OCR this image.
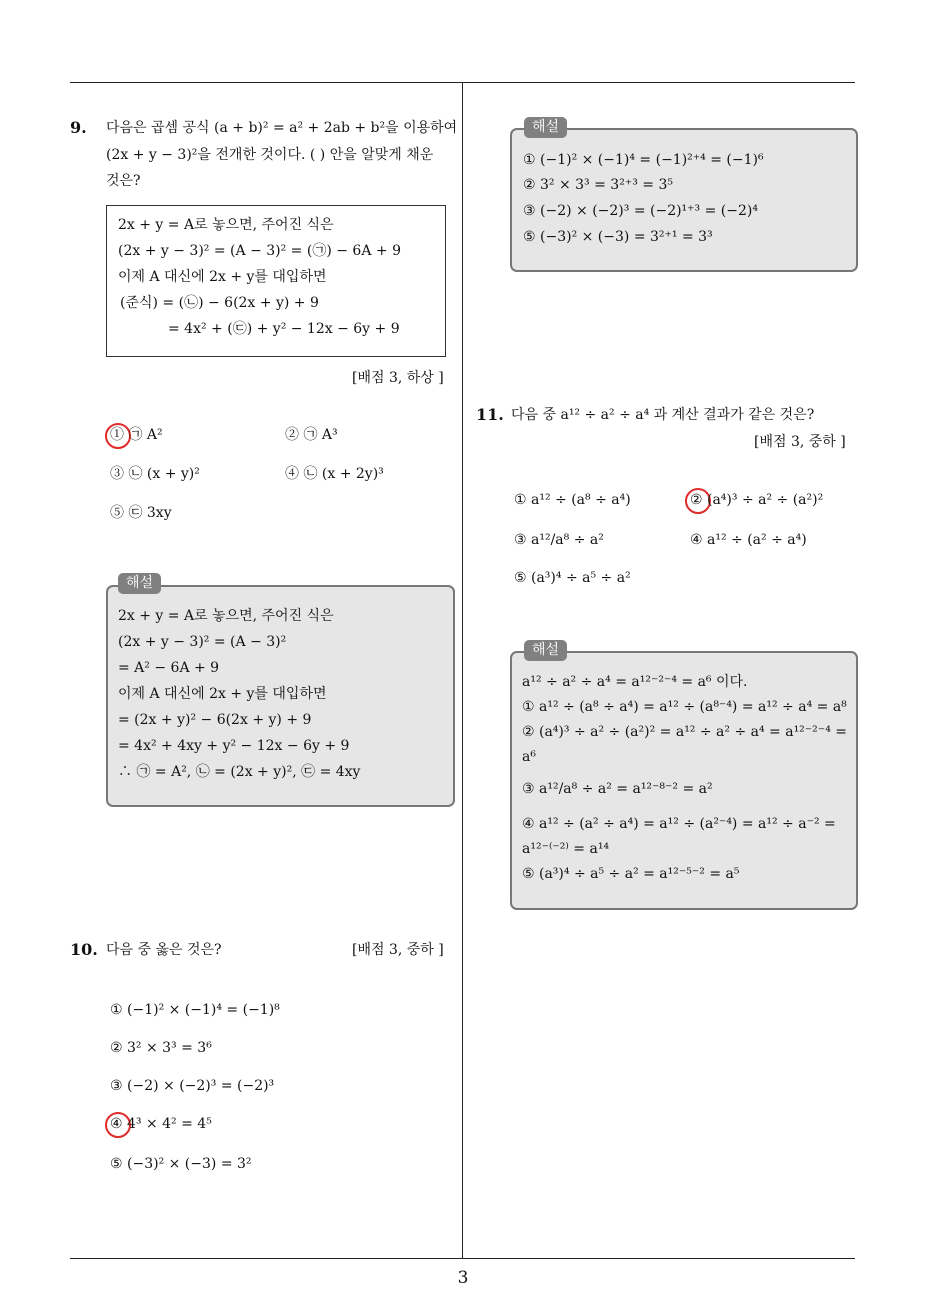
3
9. 다음은 곱셈 공식 (a + b)² = a² + 2ab + b²을 이용하여
(2x + y − 3)²을 전개한 것이다. ( ) 안을 알맞게 채운
것은?
2x + y = A로 놓으면, 주어진 식은
(2x + y − 3)² = (A − 3)² = (㉠) − 6A + 9
이제 A 대신에 2x + y를 대입하면
(준식) = (㉡) − 6(2x + y) + 9
= 4x² + (㉢) + y² − 12x − 6y + 9
[배점 3, 하상 ]
① ㉠ A²	② ㉠ A³
③ ㉡ (x + y)²	④ ㉡ (x + 2y)³
⑤ ㉢ 3xy
해설
2x + y = A로 놓으면, 주어진 식은
(2x + y − 3)² = (A − 3)²
= A² − 6A + 9
이제 A 대신에 2x + y를 대입하면
= (2x + y)² − 6(2x + y) + 9
= 4x² + 4xy + y² − 12x − 6y + 9
∴ ㉠ = A², ㉡ = (2x + y)², ㉢ = 4xy
10. 다음 중 옳은 것은?	[배점 3, 중하 ]
① (−1)² × (−1)⁴ = (−1)⁸
② 3² × 3³ = 3⁶
③ (−2) × (−2)³ = (−2)³
④ 4³ × 4² = 4⁵
⑤ (−3)² × (−3) = 3²
해설
① (−1)² × (−1)⁴ = (−1)²⁺⁴ = (−1)⁶
② 3² × 3³ = 3²⁺³ = 3⁵
③ (−2) × (−2)³ = (−2)¹⁺³ = (−2)⁴
⑤ (−3)² × (−3) = 3²⁺¹ = 3³
11. 다음 중 a¹² ÷ a² ÷ a⁴ 과 계산 결과가 같은 것은?
[배점 3, 중하 ]
① a¹² ÷ (a⁸ ÷ a⁴)	② (a⁴)³ ÷ a² ÷ (a²)²
③ a¹²/a⁸ ÷ a²	④ a¹² ÷ (a² ÷ a⁴)
⑤ (a³)⁴ ÷ a⁵ ÷ a²
해설
a¹² ÷ a² ÷ a⁴ = a¹²⁻²⁻⁴ = a⁶ 이다.
① a¹² ÷ (a⁸ ÷ a⁴) = a¹² ÷ (a⁸⁻⁴) = a¹² ÷ a⁴ = a⁸
② (a⁴)³ ÷ a² ÷ (a²)² = a¹² ÷ a² ÷ a⁴ = a¹²⁻²⁻⁴ =
a⁶
③ a¹²/a⁸ ÷ a² = a¹²⁻⁸⁻² = a²
④ a¹² ÷ (a² ÷ a⁴) = a¹² ÷ (a²⁻⁴) = a¹² ÷ a⁻² =
a¹²⁻⁽⁻²⁾ = a¹⁴
⑤ (a³)⁴ ÷ a⁵ ÷ a² = a¹²⁻⁵⁻² = a⁵
